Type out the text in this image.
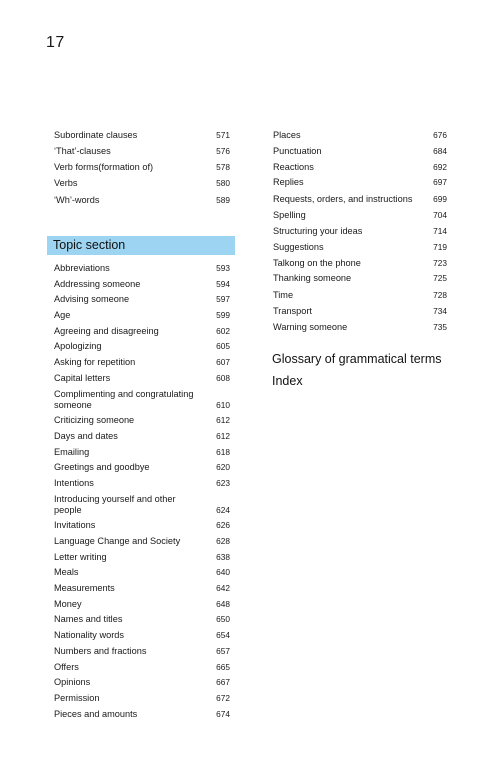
17
Subordinate clauses	571
‘That’-clauses	576
Verb forms(formation of)	578
Verbs	580
‘Wh’-words	589
Topic section
Abbreviations	593
Addressing someone	594
Advising someone	597
Age	599
Agreeing and disagreeing	602
Apologizing	605
Asking for repetition	607
Capital letters	608
Complimenting and congratulating someone	610
Criticizing someone	612
Days and dates	612
Emailing	618
Greetings and goodbye	620
Intentions	623
Introducing yourself and other people	624
Invitations	626
Language Change and Society	628
Letter writing	638
Meals	640
Measurements	642
Money	648
Names and titles	650
Nationality words	654
Numbers and fractions	657
Offers	665
Opinions	667
Permission	672
Pieces and amounts	674
Places	676
Punctuation	684
Reactions	692
Replies	697
Requests, orders, and instructions	699
Spelling	704
Structuring your ideas	714
Suggestions	719
Talkong on the phone	723
Thanking someone	725
Time	728
Transport	734
Warning someone	735
Glossary of grammatical terms
Index
